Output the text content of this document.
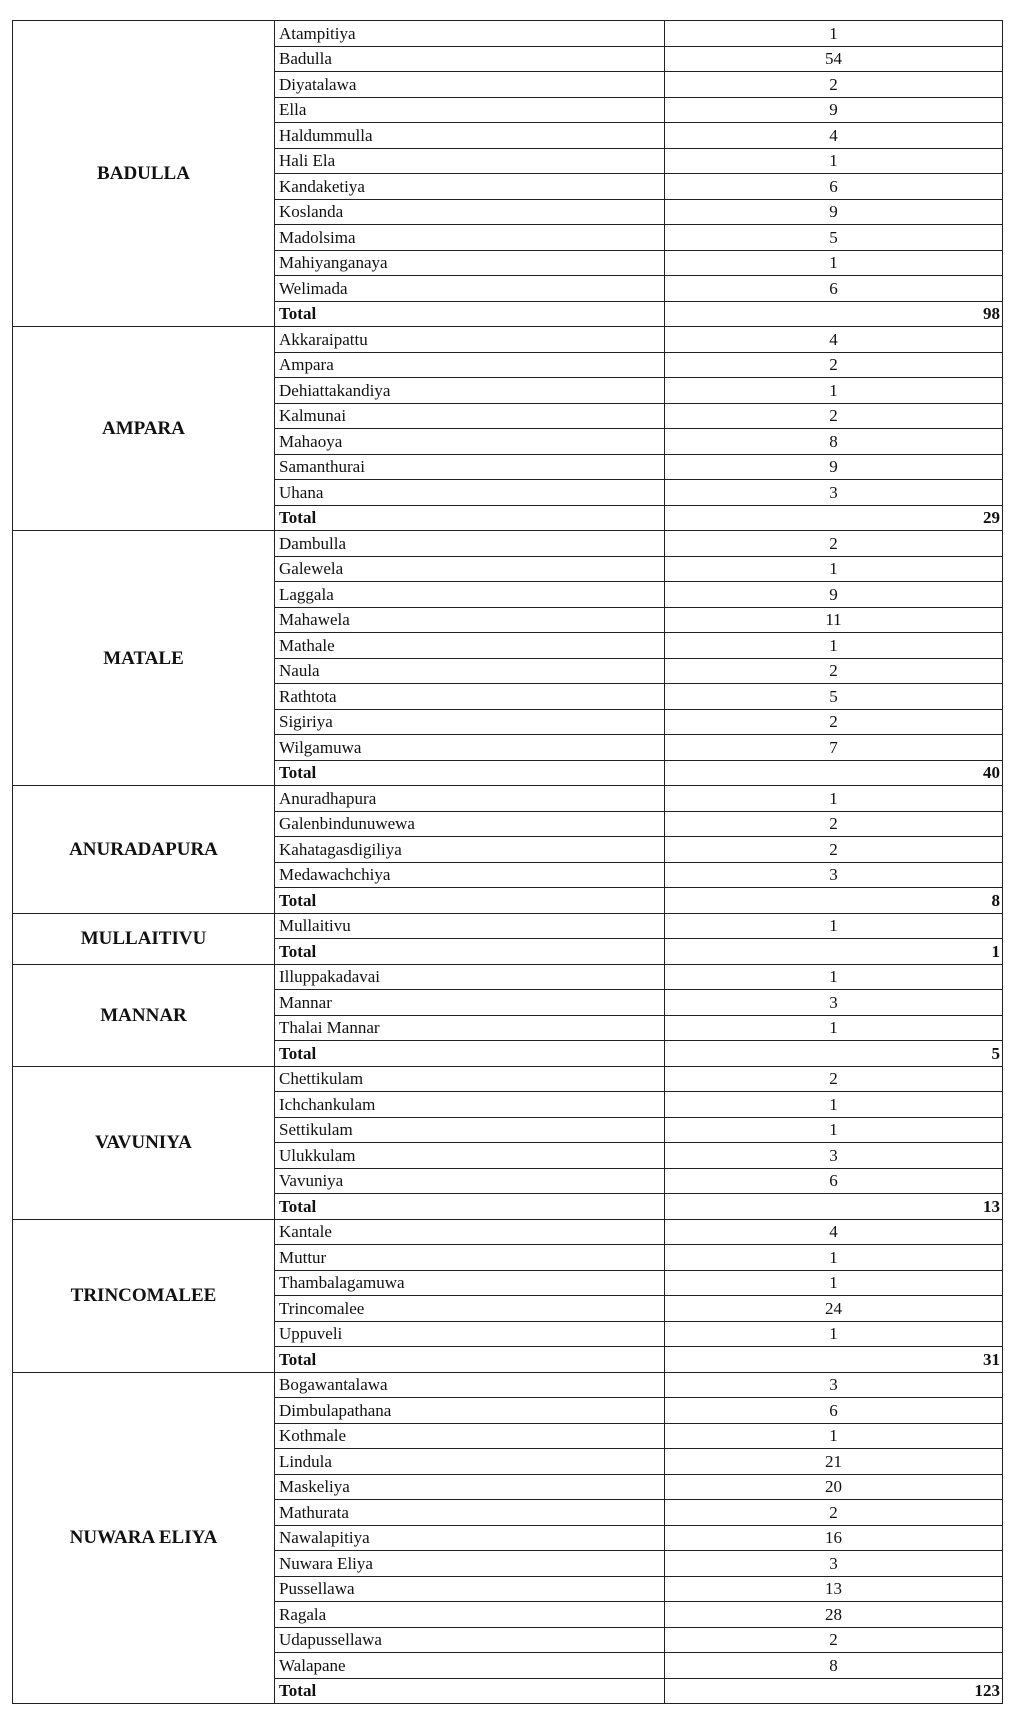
BADULLA	Atampitiya	1
	Badulla	54
	Diyatalawa	2
	Ella	9
	Haldummulla	4
	Hali Ela	1
	Kandaketiya	6
	Koslanda	9
	Madolsima	5
	Mahiyanganaya	1
	Welimada	6
	Total	98
AMPARA	Akkaraipattu	4
	Ampara	2
	Dehiattakandiya	1
	Kalmunai	2
	Mahaoya	8
	Samanthurai	9
	Uhana	3
	Total	29
MATALE	Dambulla	2
	Galewela	1
	Laggala	9
	Mahawela	11
	Mathale	1
	Naula	2
	Rathtota	5
	Sigiriya	2
	Wilgamuwa	7
	Total	40
ANURADAPURA	Anuradhapura	1
	Galenbindunuwewa	2
	Kahatagasdigiliya	2
	Medawachchiya	3
	Total	8
MULLAITIVU	Mullaitivu	1
	Total	1
MANNAR	Illuppakadavai	1
	Mannar	3
	Thalai Mannar	1
	Total	5
VAVUNIYA	Chettikulam	2
	Ichchankulam	1
	Settikulam	1
	Ulukkulam	3
	Vavuniya	6
	Total	13
TRINCOMALEE	Kantale	4
	Muttur	1
	Thambalagamuwa	1
	Trincomalee	24
	Uppuveli	1
	Total	31
NUWARA ELIYA	Bogawantalawa	3
	Dimbulapathana	6
	Kothmale	1
	Lindula	21
	Maskeliya	20
	Mathurata	2
	Nawalapitiya	16
	Nuwara Eliya	3
	Pussellawa	13
	Ragala	28
	Udapussellawa	2
	Walapane	8
	Total	123
